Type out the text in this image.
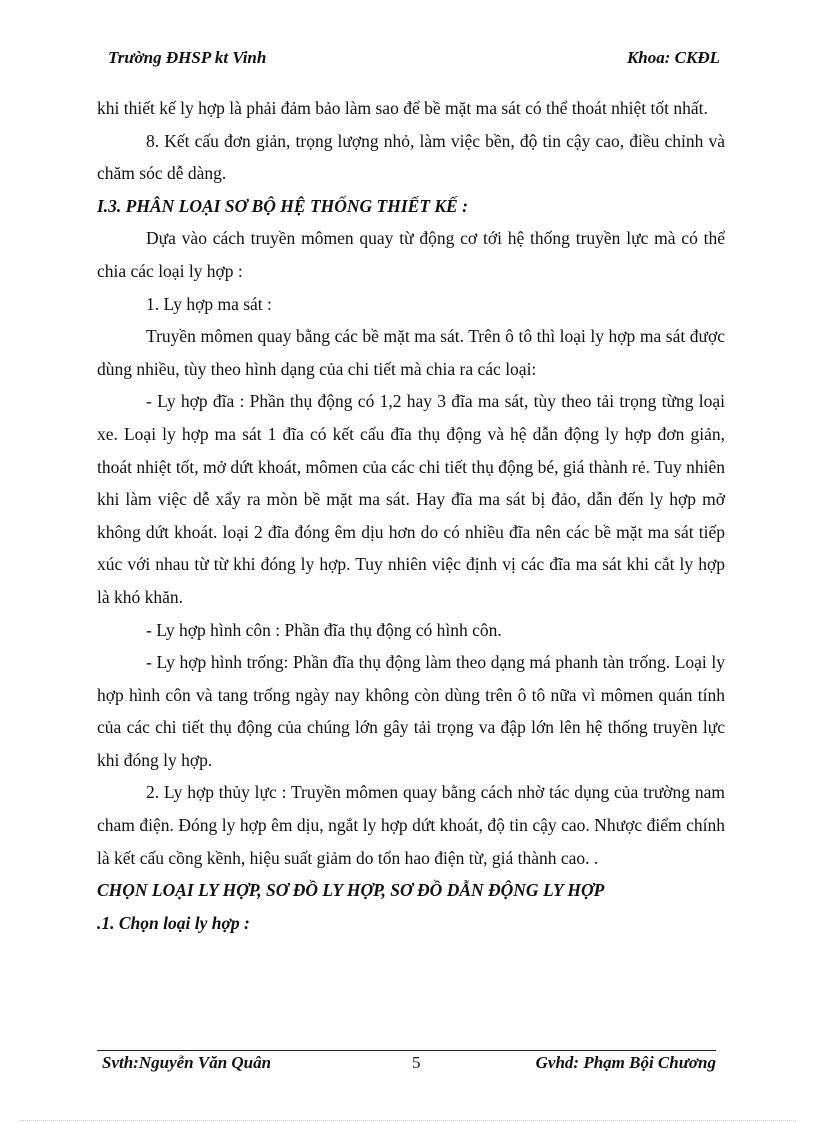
Trường ĐHSP kt Vinh	Khoa: CKĐL

khi thiết kế ly hợp là phải đảm bảo làm sao để bề mặt ma sát có thể thoát nhiệt tốt nhất.

8. Kết cấu đơn giản, trọng lượng nhỏ, làm việc bền, độ tin cậy cao, điều chỉnh và chăm sóc dễ dàng.

I.3. PHÂN LOẠI SƠ BỘ HỆ THỐNG THIẾT KẾ :

Dựa vào cách truyền mômen quay từ động cơ tới hệ thống truyền lực mà có thể chia các loại ly hợp :

1. Ly hợp ma sát :

Truyền mômen quay bằng các bề mặt ma sát. Trên ô tô thì loại ly hợp ma sát được dùng nhiều, tùy theo hình dạng của chi tiết mà chia ra các loại:

- Ly hợp đĩa : Phần thụ động có 1,2 hay 3 đĩa ma sát, tùy theo tải trọng từng loại xe. Loại ly hợp ma sát 1 đĩa có kết cấu đĩa thụ động và hệ dẫn động ly hợp đơn giản, thoát nhiệt tốt, mở dứt khoát, mômen của các chi tiết thụ động bé, giá thành rẻ. Tuy nhiên khi làm việc dễ xẩy ra mòn bề mặt ma sát. Hay đĩa ma sát bị đảo, dẫn đến ly hợp mở không dứt khoát. loại 2 đĩa đóng êm dịu hơn do có nhiều đĩa nên các bề mặt ma sát tiếp xúc với nhau từ từ khi đóng ly hợp. Tuy nhiên việc định vị các đĩa ma sát khi cắt ly hợp là khó khăn.

- Ly hợp hình côn : Phần đĩa thụ động có hình côn.

- Ly hợp hình trống: Phần đĩa thụ động làm theo dạng má phanh tàn trống. Loại ly hợp hình côn và tang trống ngày nay không còn dùng trên ô tô nữa vì mômen quán tính của các chi tiết thụ động của chúng lớn gây tải trọng va đập lớn lên hệ thống truyền lực khi đóng ly hợp.

2. Ly hợp thủy lực : Truyền mômen quay bằng cách nhờ tác dụng của trường nam cham điện. Đóng ly hợp êm dịu, ngắt ly hợp dứt khoát, độ tin cậy cao. Nhược điểm chính là kết cấu cồng kềnh, hiệu suất giảm do tổn hao điện từ, giá thành cao. .

CHỌN LOẠI LY HỢP, SƠ ĐỒ LY HỢP, SƠ ĐỒ DẪN ĐỘNG LY HỢP

.1. Chọn loại ly hợp :

Svth:Nguyễn Văn Quân	5	Gvhd: Phạm Bội Chương
